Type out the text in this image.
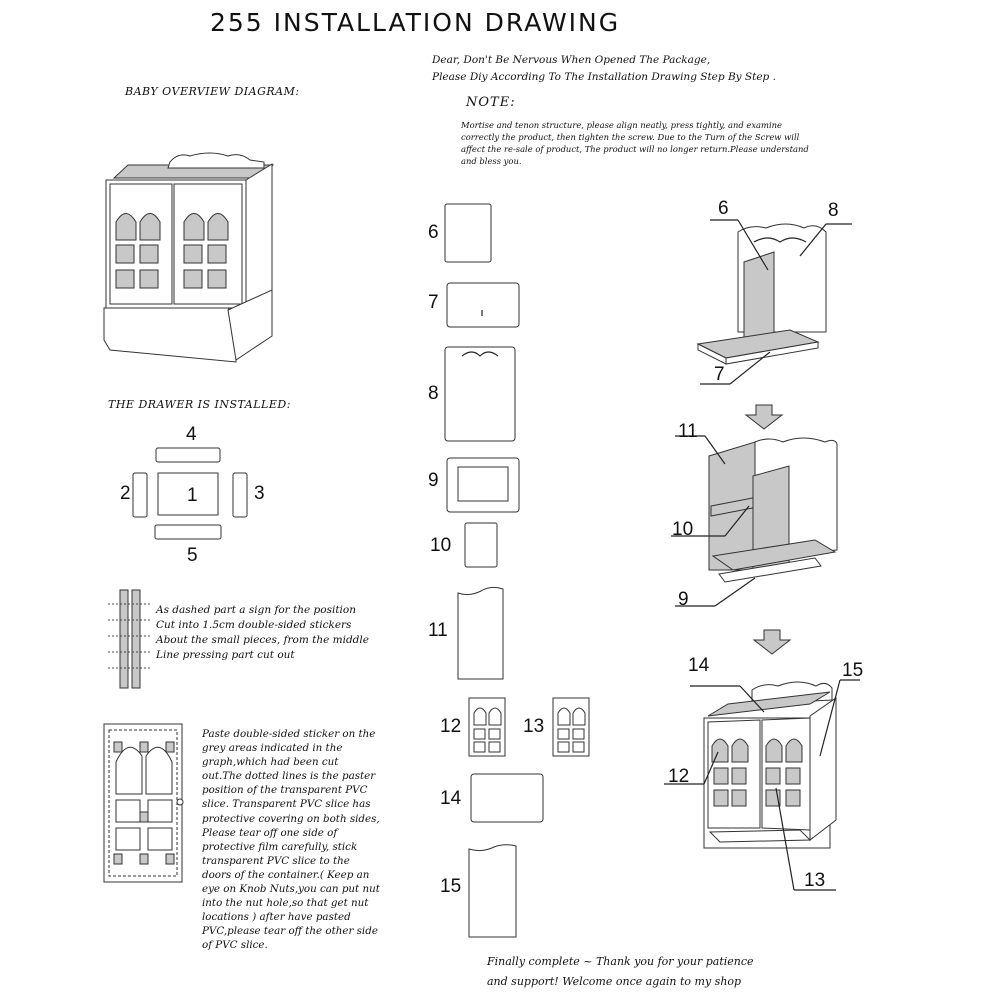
255 INSTALLATION DRAWING
Dear, Don't Be Nervous When Opened The Package,
Please Diy According To The Installation Drawing Step By Step .
NOTE:
Mortise and tenon structure, please align neatly, press tightly, and examine correctly the product, then tighten the screw. Due to the Turn of the Screw will affect the re-sale of product, The product will no longer return.Please understand and bless you.
BABY OVERVIEW DIAGRAM:
THE DRAWER IS INSTALLED:
4
2	1	3
5
As dashed part a sign for the position
Cut into 1.5cm double-sided stickers
About the small pieces, from the middle
Line pressing part cut out
Paste double-sided sticker on the grey areas indicated in the graph,which had been cut out.The dotted lines is the paster position of the transparent PVC slice. Transparent PVC slice has protective covering on both sides, Please tear off one side of protective film carefully, stick transparent PVC slice to the doors of the container.( Keep an eye on Knob Nuts,you can put nut into the nut hole,so that get nut locations ) after have pasted PVC,please tear off the other side of PVC slice.
6
7
8
9
10
11
12	13
14
15
6	8
7
11
10
9
14	15
12
13
Finally complete ~ Thank you for your patience
and support! Welcome once again to my shop
